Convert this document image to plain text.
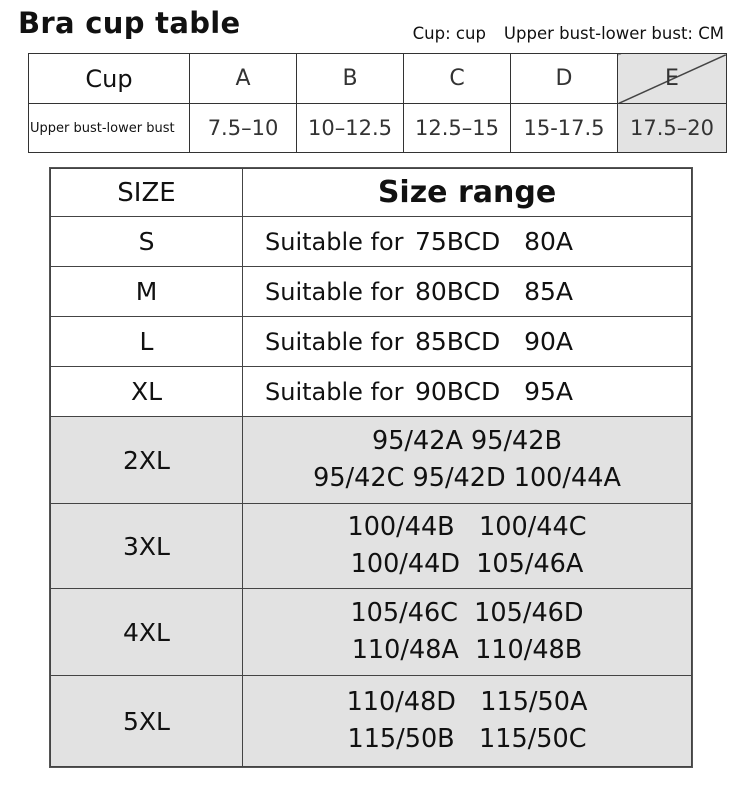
Bra cup table	Cup: cup Upper bust-lower bust: CM
Cup	A	B	C	D	E
Upper bust-lower bust	7.5–10	10–12.5	12.5–15	15-17.5	17.5–20
SIZE	Size range
S	Suitable for 75BCD   80A
M	Suitable for 80BCD   85A
L	Suitable for 85BCD   90A
XL	Suitable for 90BCD   95A
2XL	95/42A 95/42B
95/42C 95/42D 100/44A

3XL	100/44B   100/44C
100/44D  105/46A

4XL	105/46C  105/46D
110/48A  110/48B

5XL	110/48D   115/50A
115/50B   115/50C
